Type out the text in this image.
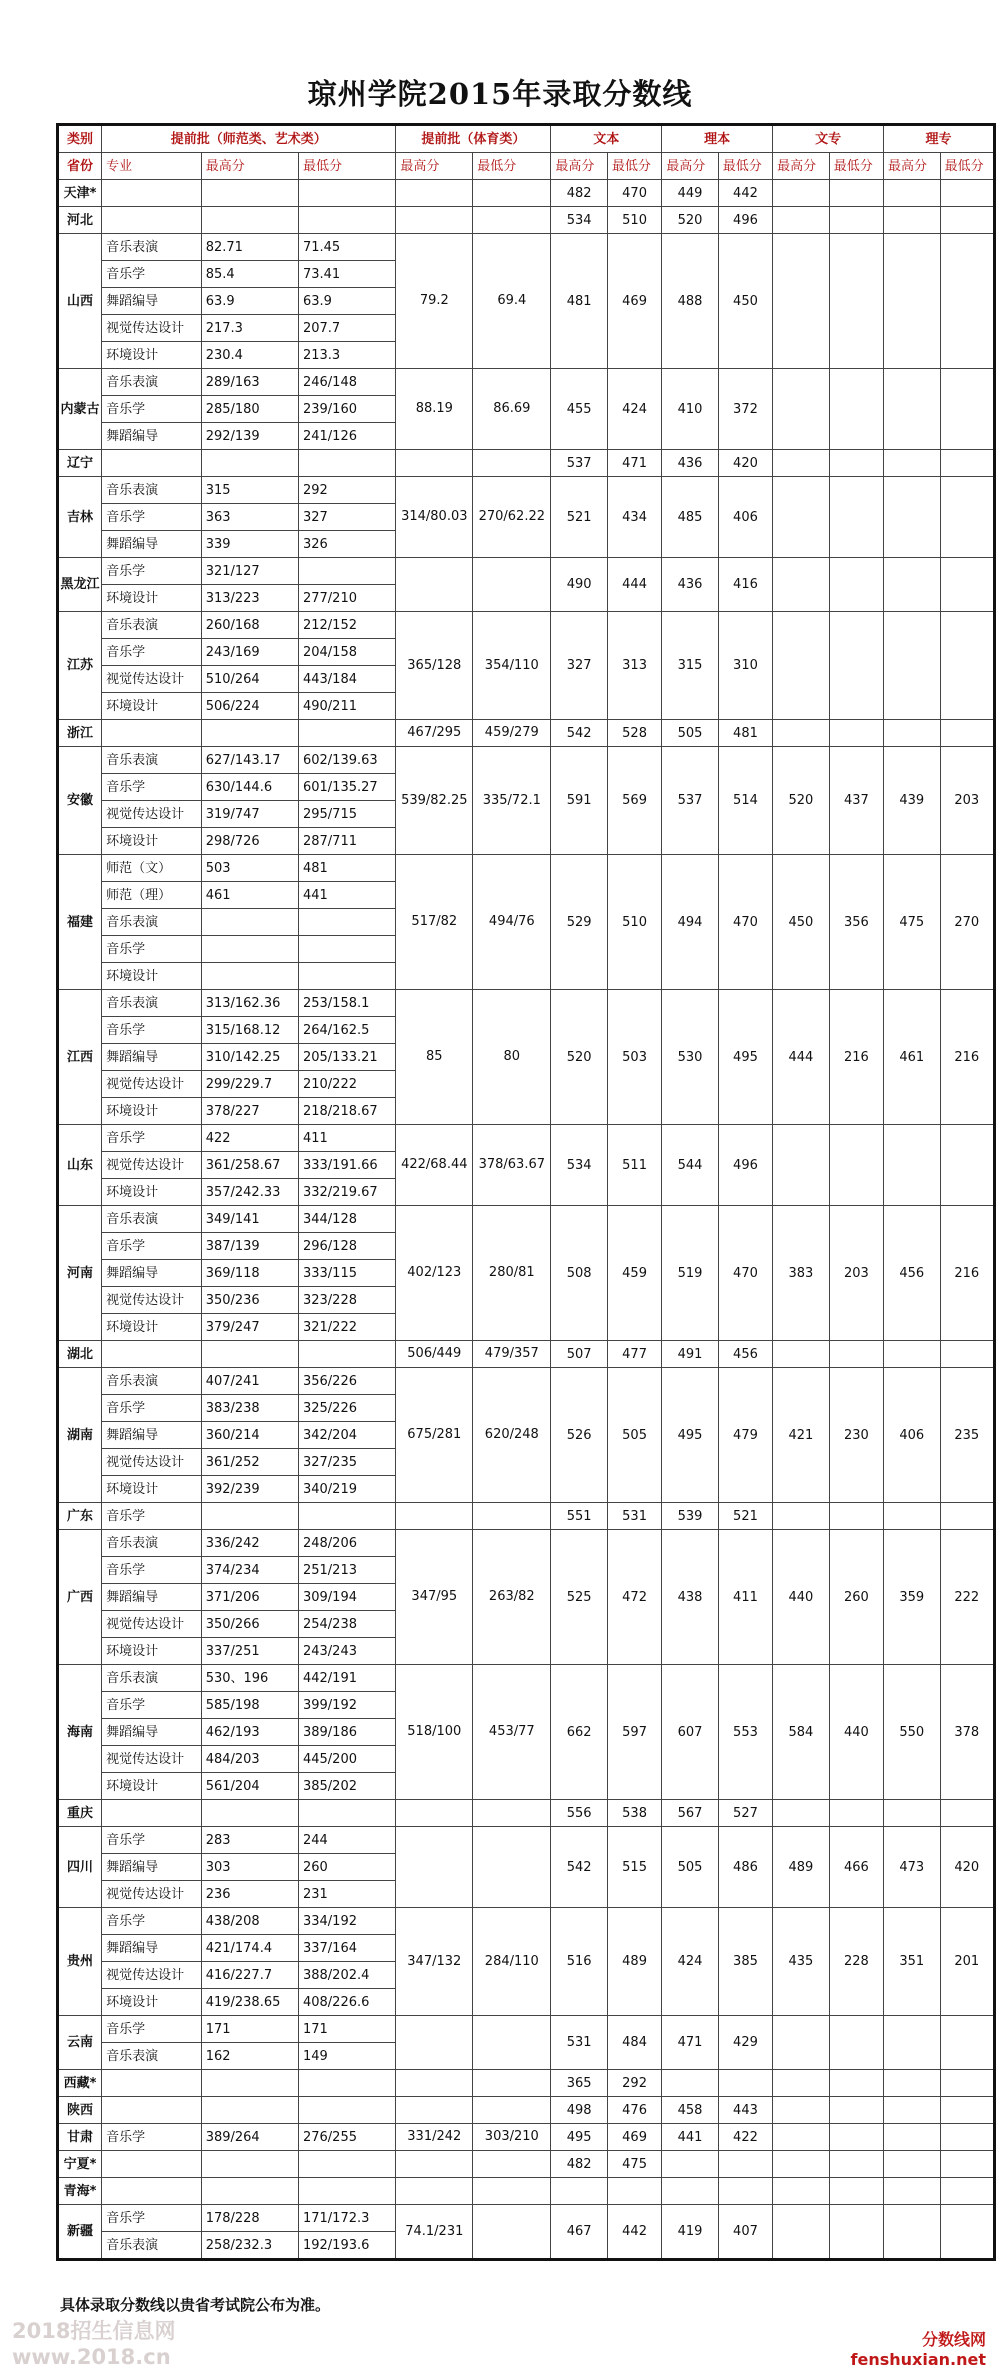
琼州学院2015年录取分数线
类别	提前批（师范类、艺术类）			提前批（体育类）		文本		理本		文专		理专	
省份	专业	最高分	最低分	最高分	最低分	最高分	最低分	最高分	最低分	最高分	最低分	最高分	最低分
天津*						482	470	449	442				
河北						534	510	520	496				
山西	音乐表演	82.71	71.45	79.2	69.4	481	469	488	450				
	音乐学	85.4	73.41										
	舞蹈编导	63.9	63.9										
	视觉传达设计	217.3	207.7										
	环境设计	230.4	213.3										
内蒙古	音乐表演	289/163	246/148	88.19	86.69	455	424	410	372				
	音乐学	285/180	239/160										
	舞蹈编导	292/139	241/126										
辽宁						537	471	436	420				
吉林	音乐表演	315	292	314/80.03	270/62.22	521	434	485	406				
	音乐学	363	327										
	舞蹈编导	339	326										
黑龙江	音乐学	321/127				490	444	436	416				
	环境设计	313/223	277/210										
江苏	音乐表演	260/168	212/152	365/128	354/110	327	313	315	310				
	音乐学	243/169	204/158										
	视觉传达设计	510/264	443/184										
	环境设计	506/224	490/211										
浙江				467/295	459/279	542	528	505	481				
安徽	音乐表演	627/143.17	602/139.63	539/82.25	335/72.1	591	569	537	514	520	437	439	203
	音乐学	630/144.6	601/135.27										
	视觉传达设计	319/747	295/715										
	环境设计	298/726	287/711										
福建	师范（文）	503	481	517/82	494/76	529	510	494	470	450	356	475	270
	师范（理）	461	441										
	音乐表演												
	音乐学												
	环境设计												
江西	音乐表演	313/162.36	253/158.1	85	80	520	503	530	495	444	216	461	216
	音乐学	315/168.12	264/162.5										
	舞蹈编导	310/142.25	205/133.21										
	视觉传达设计	299/229.7	210/222										
	环境设计	378/227	218/218.67										
山东	音乐学	422	411	422/68.44	378/63.67	534	511	544	496				
	视觉传达设计	361/258.67	333/191.66										
	环境设计	357/242.33	332/219.67										
河南	音乐表演	349/141	344/128	402/123	280/81	508	459	519	470	383	203	456	216
	音乐学	387/139	296/128										
	舞蹈编导	369/118	333/115										
	视觉传达设计	350/236	323/228										
	环境设计	379/247	321/222										
湖北				506/449	479/357	507	477	491	456				
湖南	音乐表演	407/241	356/226	675/281	620/248	526	505	495	479	421	230	406	235
	音乐学	383/238	325/226										
	舞蹈编导	360/214	342/204										
	视觉传达设计	361/252	327/235										
	环境设计	392/239	340/219										
广东	音乐学					551	531	539	521				
广西	音乐表演	336/242	248/206	347/95	263/82	525	472	438	411	440	260	359	222
	音乐学	374/234	251/213										
	舞蹈编导	371/206	309/194										
	视觉传达设计	350/266	254/238										
	环境设计	337/251	243/243										
海南	音乐表演	530、196	442/191	518/100	453/77	662	597	607	553	584	440	550	378
	音乐学	585/198	399/192										
	舞蹈编导	462/193	389/186										
	视觉传达设计	484/203	445/200										
	环境设计	561/204	385/202										
重庆						556	538	567	527				
四川	音乐学	283	244			542	515	505	486	489	466	473	420
	舞蹈编导	303	260										
	视觉传达设计	236	231										
贵州	音乐学	438/208	334/192	347/132	284/110	516	489	424	385	435	228	351	201
	舞蹈编导	421/174.4	337/164										
	视觉传达设计	416/227.7	388/202.4										
	环境设计	419/238.65	408/226.6										
云南	音乐学	171	171			531	484	471	429				
	音乐表演	162	149										
西藏*						365	292						
陕西						498	476	458	443				
甘肃	音乐学	389/264	276/255	331/242	303/210	495	469	441	422				
宁夏*						482	475						
青海*													
新疆	音乐学	178/228	171/172.3	74.1/231		467	442	419	407				
	音乐表演	258/232.3	192/193.6										
具体录取分数线以贵省考试院公布为准。
2018招生信息网
www.2018.cn
分数线网
fenshuxian.net
